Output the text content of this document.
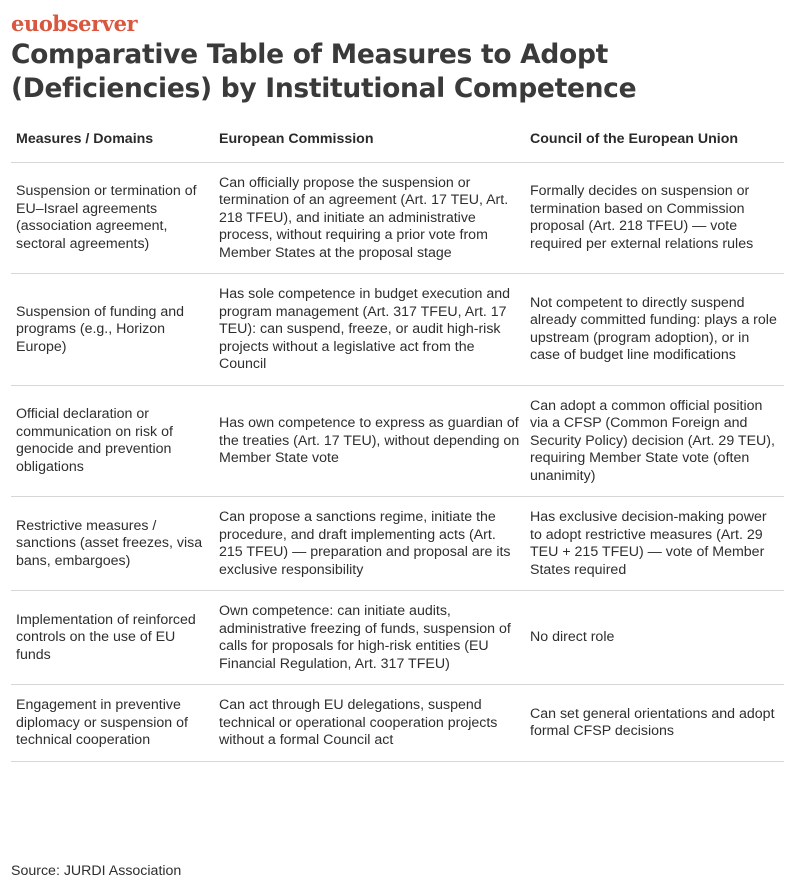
euobserver
Comparative Table of Measures to Adopt (Deficiencies) by Institutional Competence
Measures / Domains	European Commission	Council of the European Union
Suspension or termination of EU–Israel agreements (association agreement, sectoral agreements)	Can officially propose the suspension or termination of an agreement (Art. 17 TEU, Art. 218 TFEU), and initiate an administrative process, without requiring a prior vote from Member States at the proposal stage	Formally decides on suspension or termination based on Commission proposal (Art. 218 TFEU) — vote required per external relations rules
Suspension of funding and programs (e.g., Horizon Europe)	Has sole competence in budget execution and program management (Art. 317 TFEU, Art. 17 TEU): can suspend, freeze, or audit high-risk projects without a legislative act from the Council	Not competent to directly suspend already committed funding: plays a role upstream (program adoption), or in case of budget line modifications
Official declaration or communication on risk of genocide and prevention obligations	Has own competence to express as guardian of the treaties (Art. 17 TEU), without depending on Member State vote	Can adopt a common official position via a CFSP (Common Foreign and Security Policy) decision (Art. 29 TEU), requiring Member State vote (often unanimity)
Restrictive measures / sanctions (asset freezes, visa bans, embargoes)	Can propose a sanctions regime, initiate the procedure, and draft implementing acts (Art. 215 TFEU) — preparation and proposal are its exclusive responsibility	Has exclusive decision-making power to adopt restrictive measures (Art. 29 TEU + 215 TFEU) — vote of Member States required
Implementation of reinforced controls on the use of EU funds	Own competence: can initiate audits, administrative freezing of funds, suspension of calls for proposals for high-risk entities (EU Financial Regulation, Art. 317 TFEU)	No direct role
Engagement in preventive diplomacy or suspension of technical cooperation	Can act through EU delegations, suspend technical or operational cooperation projects without a formal Council act	Can set general orientations and adopt formal CFSP decisions
Source: JURDI Association
